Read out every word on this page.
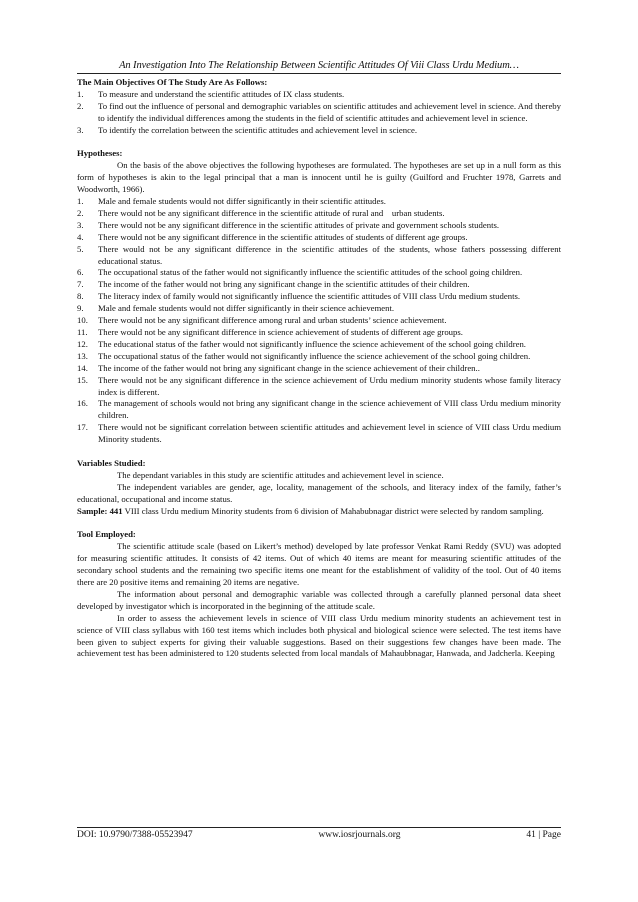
An Investigation Into The Relationship Between Scientific Attitudes Of Viii Class Urdu Medium…

The Main Objectives Of The Study Are As Follows:

1.	To measure and understand the scientific attitudes of IX class students.
2.	To find out the influence of personal and demographic variables on scientific attitudes and achievement level in science. And thereby to identify the individual differences among the students in the field of scientific attitudes and achievement level in science.
3.	To identify the correlation between the scientific attitudes and achievement level in science.

Hypotheses:

On the basis of the above objectives the following hypotheses are formulated. The hypotheses are set up in a null form as this form of hypotheses is akin to the legal principal that a man is innocent until he is guilty (Guilford and Fruchter 1978, Garrets and Woodworth, 1966).

1.	Male and female students would not differ significantly in their scientific attitudes.
2.	There would not be any significant difference in the scientific attitude of rural and    urban students.
3.	There would not be any significant difference in the scientific attitudes of private and government schools students.
4.	There would not be any significant difference in the scientific attitudes of students of different age groups.
5.	There would not be any significant difference in the scientific attitudes of the students, whose fathers possessing different educational status.
6.	The occupational status of the father would not significantly influence the scientific attitudes of the school going children.
7.	The income of the father would not bring any significant change in the scientific attitudes of their children.
8.	The literacy index of family would not significantly influence the scientific attitudes of VIII class Urdu medium students.
9.	Male and female students would not differ significantly in their science achievement.
10.	There would not be any significant difference among rural and urban students’ science achievement.
11.	There would not be any significant difference in science achievement of students of different age groups.
12.	The educational status of the father would not significantly influence the science achievement of the school going children.
13.	The occupational status of the father would not significantly influence the science achievement of the school going children.
14.	The income of the father would not bring any significant change in the science achievement of their children..
15.	There would not be any significant difference in the science achievement of Urdu medium minority students whose family literacy index is different.
16.	The management of schools would not bring any significant change in the science achievement of VIII class Urdu medium minority children.
17.	There would not be significant correlation between scientific attitudes and achievement level in science of VIII class Urdu medium Minority students.

Variables Studied:

The dependant variables in this study are scientific attitudes and achievement level in science.

The independent variables are gender, age, locality, management of the schools, and literacy index of the family, father’s educational, occupational and income status.

Sample: 441 VIII class Urdu medium Minority students from 6 division of Mahabubnagar district were selected by random sampling.

Tool Employed:

The scientific attitude scale (based on Likert’s method) developed by late professor Venkat Rami Reddy (SVU) was adopted for measuring scientific attitudes. It consists of 42 items. Out of which 40 items are meant for measuring scientific attitudes of the secondary school students and the remaining two specific items one meant for the establishment of validity of the tool. Out of 40 items there are 20 positive items and remaining 20 items are negative.

The information about personal and demographic variable was collected through a carefully planned personal data sheet developed by investigator which is incorporated in the beginning of the attitude scale.

In order to assess the achievement levels in science of VIII class Urdu medium minority students an achievement test in science of VIII class syllabus with 160 test items which includes both physical and biological science were selected. The test items have been given to subject experts for giving their valuable suggestions. Based on their suggestions few changes have been made. The achievement test has been administered to 120 students selected from local mandals of Mahaubbnagar, Hanwada, and Jadcherla. Keeping

DOI: 10.9790/7388-05523947	www.iosrjournals.org	41 | Page
